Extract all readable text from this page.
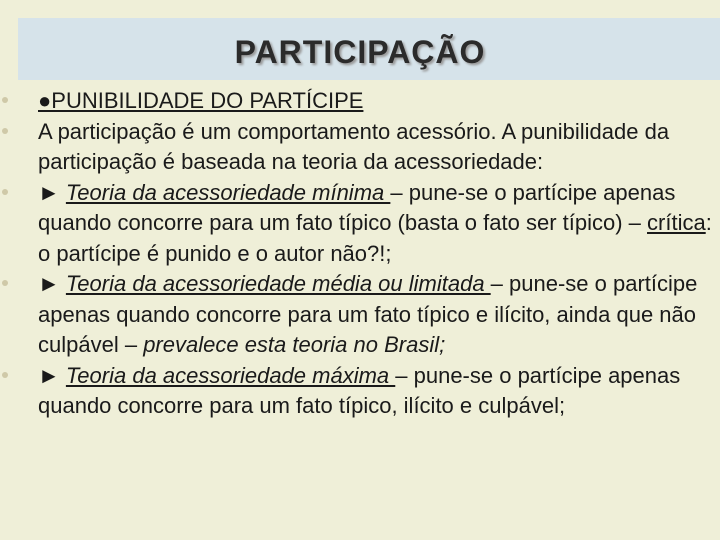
PARTICIPAÇÃO

●PUNIBILIDADE DO PARTÍCIPE

A participação é um comportamento acessório. A punibilidade da participação é baseada na teoria da acessoriedade:

► Teoria da acessoriedade mínima – pune-se o partícipe apenas quando concorre para um fato típico (basta o fato ser típico) – crítica: o partícipe é punido e o autor não?!;

► Teoria da acessoriedade média ou limitada – pune-se o partícipe apenas quando concorre para um fato típico e ilícito, ainda que não culpável – prevalece esta teoria no Brasil;

► Teoria da acessoriedade máxima – pune-se o partícipe apenas quando concorre para um fato típico, ilícito e culpável;
